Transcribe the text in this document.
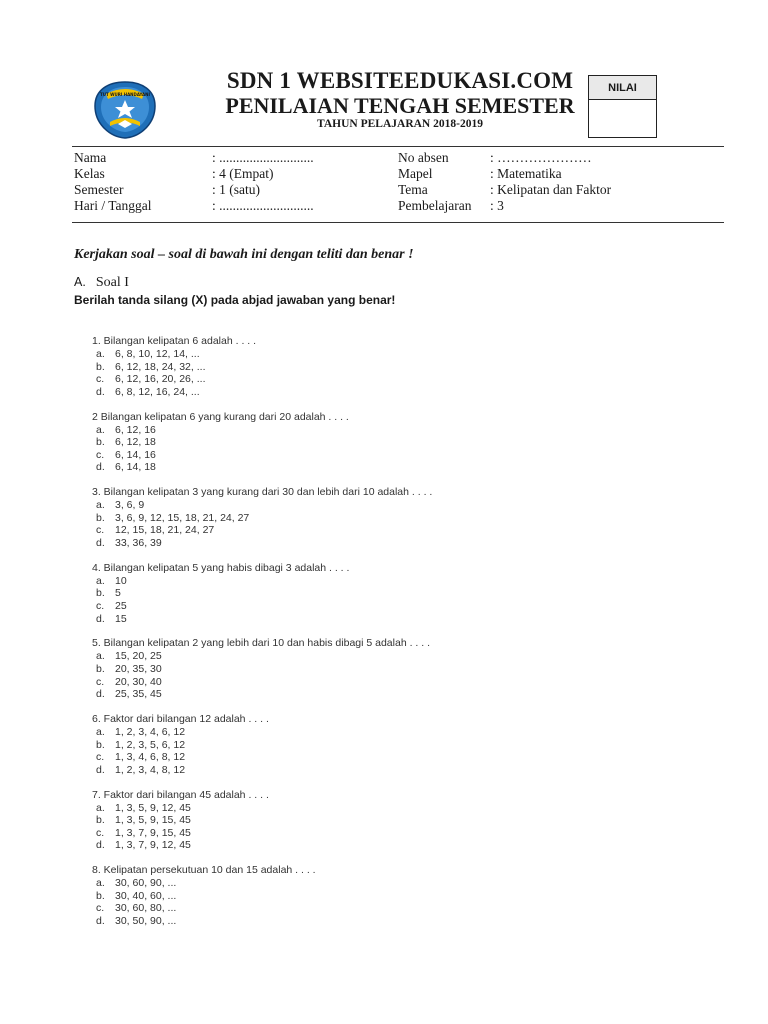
TUT WURI HANDAYANI
SDN 1 WEBSITEEDUKASI.COM
PENILAIAN TENGAH SEMESTER
TAHUN PELAJARAN 2018-2019
NILAI
Nama	: ............................	No absen	: …………………
Kelas	: 4 (Empat)	Mapel	: Matematika
Semester	: 1 (satu)	Tema	: Kelipatan dan Faktor
Hari / Tanggal	: ............................	Pembelajaran : 3

Kerjakan soal – soal di bawah ini dengan teliti dan benar !

A. Soal I

Berilah tanda silang (X) pada abjad jawaban yang benar!

1. Bilangan kelipatan 6 adalah . . . .
a. 6, 8, 10, 12, 14, ...
b. 6, 12, 18, 24, 32, ...
c. 6, 12, 16, 20, 26, ...
d. 6, 8, 12, 16, 24, ...
2 Bilangan kelipatan 6 yang kurang dari 20 adalah . . . .
a. 6, 12, 16
b. 6, 12, 18
c. 6, 14, 16
d. 6, 14, 18
3. Bilangan kelipatan 3 yang kurang dari 30 dan lebih dari 10 adalah . . . .
a. 3, 6, 9
b. 3, 6, 9, 12, 15, 18, 21, 24, 27
c. 12, 15, 18, 21, 24, 27
d. 33, 36, 39
4. Bilangan kelipatan 5 yang habis dibagi 3 adalah . . . .
a. 10
b. 5
c. 25
d. 15
5. Bilangan kelipatan 2 yang lebih dari 10 dan habis dibagi 5 adalah . . . .
a. 15, 20, 25
b. 20, 35, 30
c. 20, 30, 40
d. 25, 35, 45
6. Faktor dari bilangan 12 adalah . . . .
a. 1, 2, 3, 4, 6, 12
b. 1, 2, 3, 5, 6, 12
c. 1, 3, 4, 6, 8, 12
d. 1, 2, 3, 4, 8, 12
7. Faktor dari bilangan 45 adalah . . . .
a. 1, 3, 5, 9, 12, 45
b. 1, 3, 5, 9, 15, 45
c. 1, 3, 7, 9, 15, 45
d. 1, 3, 7, 9, 12, 45
8. Kelipatan persekutuan 10 dan 15 adalah . . . .
a. 30, 60, 90, ...
b. 30, 40, 60, ...
c. 30, 60, 80, ...
d. 30, 50, 90, ...
